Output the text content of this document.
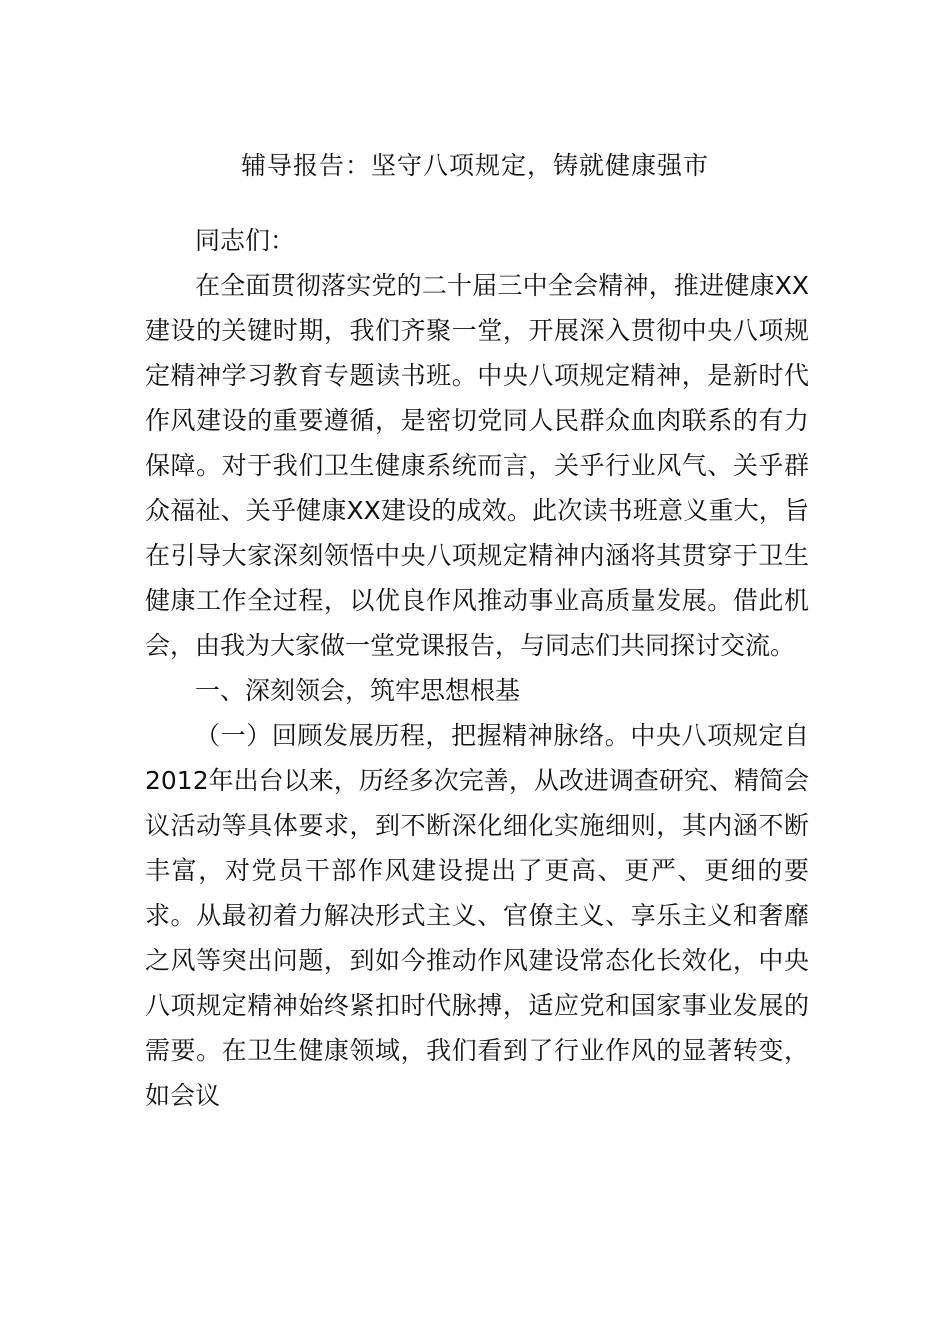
辅导报告：坚守八项规定，铸就健康强市

同志们：

在全面贯彻落实党的二十届三中全会精神，推进健康XX建设的关键时期，我们齐聚一堂，开展深入贯彻中央八项规定精神学习教育专题读书班。中央八项规定精神，是新时代作风建设的重要遵循，是密切党同人民群众血肉联系的有力保障。对于我们卫生健康系统而言，关乎行业风气、关乎群众福祉、关乎健康XX建设的成效。此次读书班意义重大，旨在引导大家深刻领悟中央八项规定精神内涵将其贯穿于卫生健康工作全过程，以优良作风推动事业高质量发展。借此机会，由我为大家做一堂党课报告，与同志们共同探讨交流。

一、深刻领会，筑牢思想根基

（一）回顾发展历程，把握精神脉络。中央八项规定自2012年出台以来，历经多次完善，从改进调查研究、精简会议活动等具体要求，到不断深化细化实施细则，其内涵不断丰富，对党员干部作风建设提出了更高、更严、更细的要求。从最初着力解决形式主义、官僚主义、享乐主义和奢靡之风等突出问题，到如今推动作风建设常态化长效化，中央八项规定精神始终紧扣时代脉搏，适应党和国家事业发展的需要。在卫生健康领域，我们看到了行业作风的显著转变，如会议
